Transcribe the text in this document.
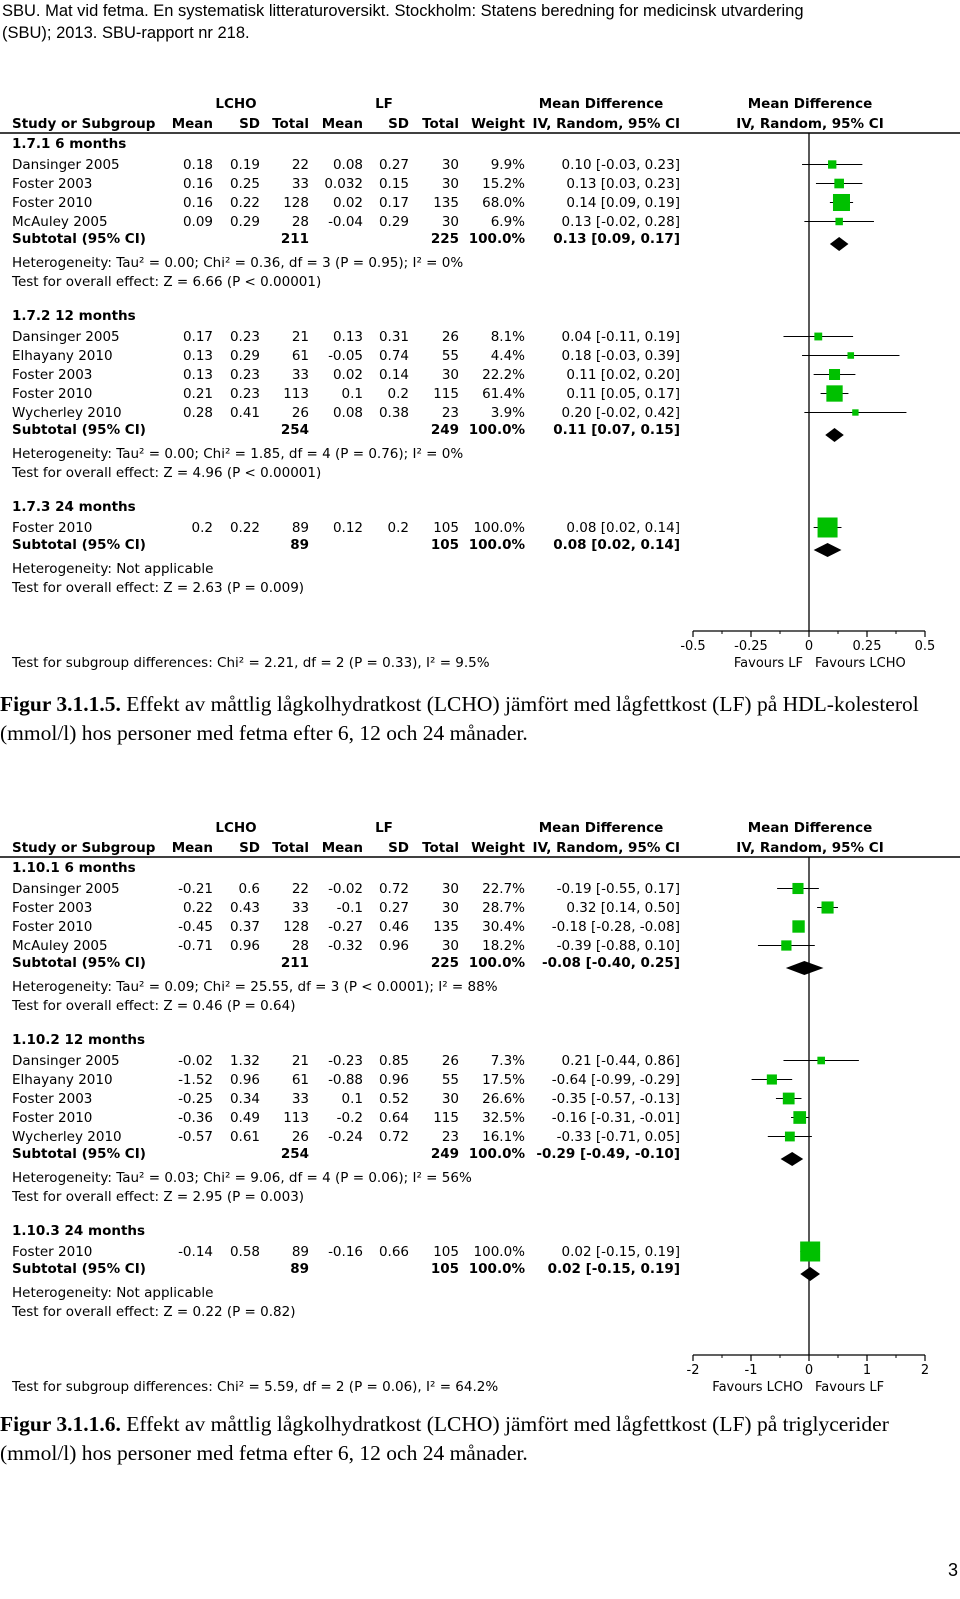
SBU. Mat vid fetma. En systematisk litteraturoversikt. Stockholm: Statens beredning for medicinsk utvardering
(SBU); 2013. SBU-rapport nr 218.
LCHO	LF	Mean Difference	Mean Difference
Study or Subgroup Mean SD Total Mean SD Total Weight IV, Random, 95% CI	IV, Random, 95% CI
1.7.1 6 months
Dansinger 2005	0.18 0.19 22 0.08 0.27 30 9.9%	0.10 [-0.03, 0.23]
Foster 2003	0.16 0.25 33 0.032 0.15 30 15.2%	0.13 [0.03, 0.23]
Foster 2010	0.16 0.22 128 0.02 0.17 135 68.0%	0.14 [0.09, 0.19]
McAuley 2005	0.09 0.29 28 -0.04 0.29 30 6.9%	0.13 [-0.02, 0.28]
Subtotal (95% CI)	211	225 100.0% 0.13 [0.09, 0.17]
Heterogeneity: Tau² = 0.00; Chi² = 0.36, df = 3 (P = 0.95); I² = 0%
Test for overall effect: Z = 6.66 (P < 0.00001)
1.7.2 12 months
Dansinger 2005	0.17 0.23 21 0.13 0.31 26 8.1%	0.04 [-0.11, 0.19]
Elhayany 2010	0.13 0.29 61 -0.05 0.74 55 4.4%	0.18 [-0.03, 0.39]
Foster 2003	0.13 0.23 33 0.02 0.14 30 22.2%	0.11 [0.02, 0.20]
Foster 2010	0.21 0.23 113 0.1 0.2 115 61.4%	0.11 [0.05, 0.17]
Wycherley 2010	0.28 0.41 26 0.08 0.38 23 3.9%	0.20 [-0.02, 0.42]
Subtotal (95% CI)	254	249 100.0% 0.11 [0.07, 0.15]
Heterogeneity: Tau² = 0.00; Chi² = 1.85, df = 4 (P = 0.76); I² = 0%
Test for overall effect: Z = 4.96 (P < 0.00001)
1.7.3 24 months
Foster 2010	0.2 0.22 89 0.12 0.2 105 100.0%	0.08 [0.02, 0.14]
Subtotal (95% CI)	89	105 100.0% 0.08 [0.02, 0.14]
Heterogeneity: Not applicable
Test for overall effect: Z = 2.63 (P = 0.009)
-0.5 -0.25	0	0.25	0.5
Favours LF Favours LCHO
Test for subgroup differences: Chi² = 2.21, df = 2 (P = 0.33), I² = 9.5%
Figur 3.1.1.5. Effekt av måttlig lågkolhydratkost (LCHO) jämfört med lågfettkost (LF) på HDL-kolesterol (mmol/l) hos personer med fetma efter 6, 12 och 24 månader.
LCHO	LF	Mean Difference	Mean Difference
Study or Subgroup Mean SD Total Mean SD Total Weight IV, Random, 95% CI	IV, Random, 95% CI
1.10.1 6 months
Dansinger 2005	-0.21 0.6 22 -0.02 0.72 30 22.7% -0.19 [-0.55, 0.17]
Foster 2003	0.22 0.43 33 -0.1 0.27 30 28.7%	0.32 [0.14, 0.50]
Foster 2010	-0.45 0.37 128 -0.27 0.46 135 30.4% -0.18 [-0.28, -0.08]
McAuley 2005	-0.71 0.96 28 -0.32 0.96 30 18.2% -0.39 [-0.88, 0.10]
Subtotal (95% CI)	211	225 100.0% -0.08 [-0.40, 0.25]
Heterogeneity: Tau² = 0.09; Chi² = 25.55, df = 3 (P < 0.0001); I² = 88%
Test for overall effect: Z = 0.46 (P = 0.64)
1.10.2 12 months
Dansinger 2005	-0.02 1.32 21 -0.23 0.85 26 7.3%	0.21 [-0.44, 0.86]
Elhayany 2010	-1.52 0.96 61 -0.88 0.96 55 17.5% -0.64 [-0.99, -0.29]
Foster 2003	-0.25 0.34 33 0.1 0.52 30 26.6% -0.35 [-0.57, -0.13]
Foster 2010	-0.36 0.49 113 -0.2 0.64 115 32.5% -0.16 [-0.31, -0.01]
Wycherley 2010	-0.57 0.61 26 -0.24 0.72 23 16.1% -0.33 [-0.71, 0.05]
Subtotal (95% CI)	254	249 100.0% -0.29 [-0.49, -0.10]
Heterogeneity: Tau² = 0.03; Chi² = 9.06, df = 4 (P = 0.06); I² = 56%
Test for overall effect: Z = 2.95 (P = 0.003)
1.10.3 24 months
Foster 2010	-0.14 0.58 89 -0.16 0.66 105 100.0%	0.02 [-0.15, 0.19]
Subtotal (95% CI)	89	105 100.0% 0.02 [-0.15, 0.19]
Heterogeneity: Not applicable
Test for overall effect: Z = 0.22 (P = 0.82)
-2	-1	0	1	2
Favours LCHO Favours LF
Test for subgroup differences: Chi² = 5.59, df = 2 (P = 0.06), I² = 64.2%
Figur 3.1.1.6. Effekt av måttlig lågkolhydratkost (LCHO) jämfört med lågfettkost (LF) på triglycerider (mmol/l) hos personer med fetma efter 6, 12 och 24 månader.
3
